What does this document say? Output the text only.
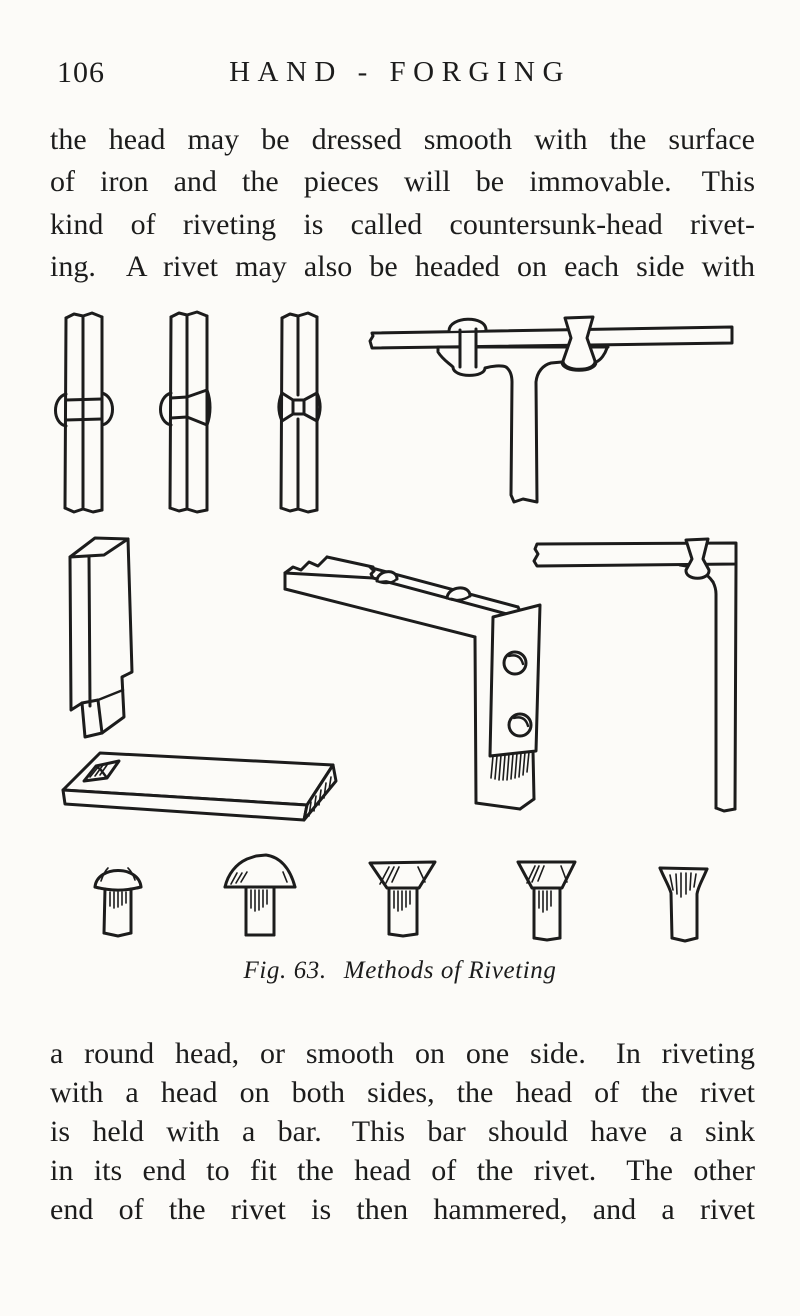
106	HAND - FORGING
the head may be dressed smooth with the surface
of iron and the pieces will be immovable. This
kind of riveting is called countersunk-head rivet-
ing. A rivet may also be headed on each side with
Fig. 63. Methods of Riveting
a round head, or smooth on one side. In riveting
with a head on both sides, the head of the rivet
is held with a bar. This bar should have a sink
in its end to fit the head of the rivet. The other
end of the rivet is then hammered, and a rivet
